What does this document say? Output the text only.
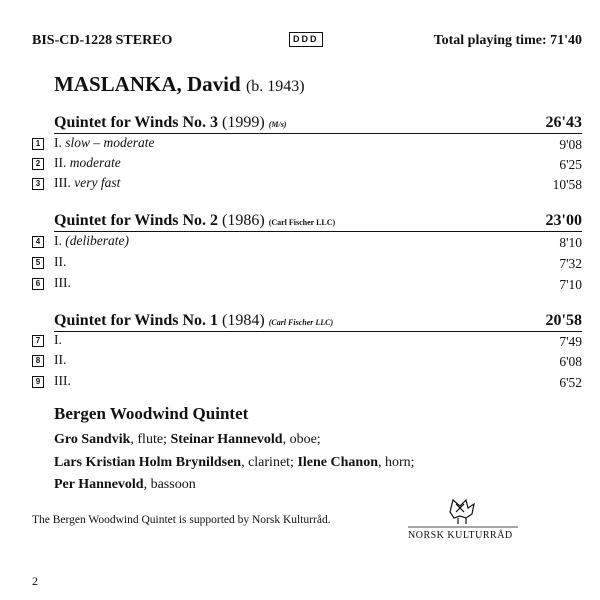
BIS-CD-1228 STEREO	DDD	Total playing time: 71'40
MASLANKA, David (b. 1943)
Quintet for Winds No. 3 (1999) (M/s)	26'43
1 I. slow – moderate	9'08
2 II. moderate	6'25
3 III. very fast	10'58
Quintet for Winds No. 2 (1986) (Carl Fischer LLC)	23'00
4 I. (deliberate)	8'10
5 II.	7'32
6 III.	7'10
Quintet for Winds No. 1 (1984) (Carl Fischer LLC)	20'58
7 I.	7'49
8 II.	6'08
9 III.	6'52
Bergen Woodwind Quintet
Gro Sandvik, flute; Steinar Hannevold, oboe;
Lars Kristian Holm Brynildsen, clarinet; Ilene Chanon, horn;
Per Hannevold, bassoon
The Bergen Woodwind Quintet is supported by Norsk Kulturråd.
NORSK KULTURRÅD
2
